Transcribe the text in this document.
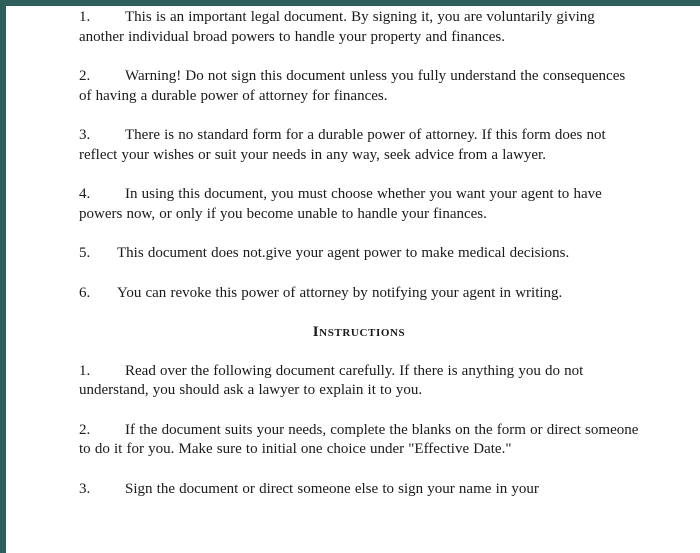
1. This is an important legal document. By signing it, you are voluntarily giving another individual broad powers to handle your property and finances.

2. Warning! Do not sign this document unless you fully understand the consequences of having a durable power of attorney for finances.

3. There is no standard form for a durable power of attorney. If this form does not reflect your wishes or suit your needs in any way, seek advice from a lawyer.

4. In using this document, you must choose whether you want your agent to have powers now, or only if you become unable to handle your finances.

5. This document does not.give your agent power to make medical decisions.

6. You can revoke this power of attorney by notifying your agent in writing.

Instructions

1. Read over the following document carefully. If there is anything you do not understand, you should ask a lawyer to explain it to you.

2. If the document suits your needs, complete the blanks on the form or direct someone to do it for you. Make sure to initial one choice under "Effective Date."

3. Sign the document or direct someone else to sign your name in your
